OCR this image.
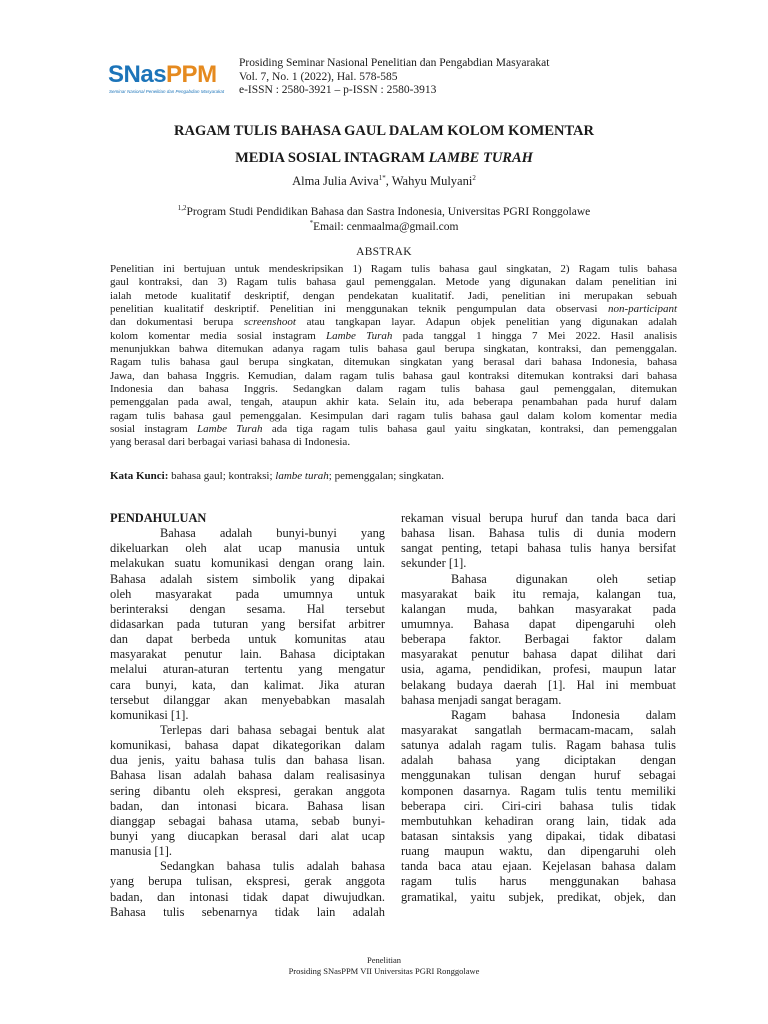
SNasPPM
Seminar Nasional Penelitian dan Pengabdian Masyarakat
Prosiding Seminar Nasional Penelitian dan Pengabdian Masyarakat
Vol. 7, No. 1 (2022), Hal. 578-585
e-ISSN : 2580-3921 – p-ISSN : 2580-3913
RAGAM TULIS BAHASA GAUL DALAM KOLOM KOMENTAR
MEDIA SOSIAL INTAGRAM LAMBE TURAH
Alma Julia Aviva$^{1*}$, Wahyu Mulyani$^2$
$^{1,2}$Program Studi Pendidikan Bahasa dan Sastra Indonesia, Universitas PGRI Ronggolawe
*Email: cenmaalma@gmail.com
ABSTRAK
Penelitian ini bertujuan untuk mendeskripsikan 1) Ragam tulis bahasa gaul singkatan, 2) Ragam tulis bahasa
gaul kontraksi, dan 3) Ragam tulis bahasa gaul pemenggalan. Metode yang digunakan dalam penelitian ini
ialah metode kualitatif deskriptif, dengan pendekatan kualitatif. Jadi, penelitian ini merupakan sebuah
penelitian kualitatif deskriptif. Penelitian ini menggunakan teknik pengumpulan data observasi non-participant
dan dokumentasi berupa screenshoot atau tangkapan layar. Adapun objek penelitian yang digunakan adalah
kolom komentar media sosial instagram Lambe Turah pada tanggal 1 hingga 7 Mei 2022. Hasil analisis
menunjukkan bahwa ditemukan adanya ragam tulis bahasa gaul berupa singkatan, kontraksi, dan pemenggalan.
Ragam tulis bahasa gaul berupa singkatan, ditemukan singkatan yang berasal dari bahasa Indonesia, bahasa
Jawa, dan bahasa Inggris. Kemudian, dalam ragam tulis bahasa gaul kontraksi ditemukan kontraksi dari bahasa
Indonesia dan bahasa Inggris. Sedangkan dalam ragam tulis bahasa gaul pemenggalan, ditemukan
pemenggalan pada awal, tengah, ataupun akhir kata. Selain itu, ada beberapa penambahan pada huruf dalam
ragam tulis bahasa gaul pemenggalan. Kesimpulan dari ragam tulis bahasa gaul dalam kolom komentar media
sosial instagram Lambe Turah ada tiga ragam tulis bahasa gaul yaitu singkatan, kontraksi, dan pemenggalan
yang berasal dari berbagai variasi bahasa di Indonesia.
Kata Kunci: bahasa gaul; kontraksi; lambe turah; pemenggalan; singkatan.
PENDAHULUAN
Bahasa adalah bunyi-bunyi yang
dikeluarkan oleh alat ucap manusia untuk
melakukan suatu komunikasi dengan orang lain.
Bahasa adalah sistem simbolik yang dipakai
oleh masyarakat pada umumnya untuk
berinteraksi dengan sesama. Hal tersebut
didasarkan pada tuturan yang bersifat arbitrer
dan dapat berbeda untuk komunitas atau
masyarakat penutur lain. Bahasa diciptakan
melalui aturan-aturan tertentu yang mengatur
cara bunyi, kata, dan kalimat. Jika aturan
tersebut dilanggar akan menyebabkan masalah
komunikasi [1].
Terlepas dari bahasa sebagai bentuk alat
komunikasi, bahasa dapat dikategorikan dalam
dua jenis, yaitu bahasa tulis dan bahasa lisan.
Bahasa lisan adalah bahasa dalam realisasinya
sering dibantu oleh ekspresi, gerakan anggota
badan, dan intonasi bicara. Bahasa lisan
dianggap sebagai bahasa utama, sebab bunyi-
bunyi yang diucapkan berasal dari alat ucap
manusia [1].
Sedangkan bahasa tulis adalah bahasa
yang berupa tulisan, ekspresi, gerak anggota
badan, dan intonasi tidak dapat diwujudkan.
Bahasa tulis sebenarnya tidak lain adalah
rekaman visual berupa huruf dan tanda baca dari
bahasa lisan. Bahasa tulis di dunia modern
sangat penting, tetapi bahasa tulis hanya bersifat
sekunder [1].
Bahasa digunakan oleh setiap
masyarakat baik itu remaja, kalangan tua,
kalangan muda, bahkan masyarakat pada
umumnya. Bahasa dapat dipengaruhi oleh
beberapa faktor. Berbagai faktor dalam
masyarakat penutur bahasa dapat dilihat dari
usia, agama, pendidikan, profesi, maupun latar
belakang budaya daerah [1]. Hal ini membuat
bahasa menjadi sangat beragam.
Ragam bahasa Indonesia dalam
masyarakat sangatlah bermacam-macam, salah
satunya adalah ragam tulis. Ragam bahasa tulis
adalah bahasa yang diciptakan dengan
menggunakan tulisan dengan huruf sebagai
komponen dasarnya. Ragam tulis tentu memiliki
beberapa ciri. Ciri-ciri bahasa tulis tidak
membutuhkan kehadiran orang lain, tidak ada
batasan sintaksis yang dipakai, tidak dibatasi
ruang maupun waktu, dan dipengaruhi oleh
tanda baca atau ejaan. Kejelasan bahasa dalam
ragam tulis harus menggunakan bahasa
gramatikal, yaitu subjek, predikat, objek, dan
Penelitian
Prosiding SNasPPM VII Universitas PGRI Ronggolawe
